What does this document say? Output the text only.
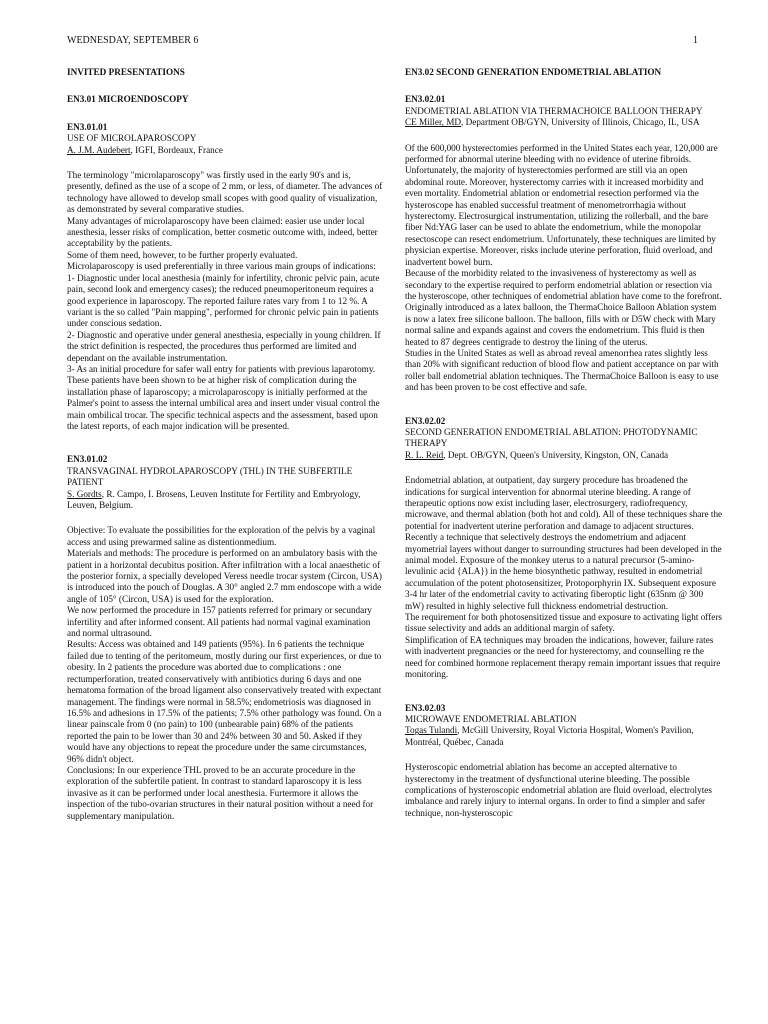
WEDNESDAY, SEPTEMBER 6	1

INVITED PRESENTATIONS

EN3.01 MICROENDOSCOPY

EN3.01.01

USE OF MICROLAPAROSCOPY

A. J.M. Audebert, IGFI, Bordeaux, France

The terminology "microlaparoscopy" was firstly used in the early 90's and is, presently, defined as the use of a scope of 2 mm, or less, of diameter. The advances of technology have allowed to develop small scopes with good quality of visualization, as demonstrated by several comparative studies.

Many advantages of microlaparoscopy have been claimed: easier use under local anesthesia, lesser risks of complication, better cosmetic outcome with, indeed, better acceptability by the patients.

Some of them need, however, to be further properly evaluated.

Microlaparoscopy is used preferentially in three various main groups of indications:

1- Diagnostic under local anesthesia (mainly for infertility, chronic pelvic pain, acute pain, second look and emergency cases); the reduced pneumoperitoneum requires a good experience in laparoscopy. The reported failure rates vary from 1 to 12 %. A variant is the so called "Pain mapping", performed for chronic pelvic pain in patients under conscious sedation.

2- Diagnostic and operative under general anesthesia, especially in young children. If the strict definition is respected, the procedures thus performed are limited and dependant on the available instrumentation.

3- As an initial procedure for safer wall entry for patients with previous laparotomy. These patients have been shown to be at higher risk of complication during the installation phase of laparoscopy; a microlaparoscopy is initially performed at the Palmer's point to assess the internal umbilical area and insert under visual control the main ombilical trocar. The specific technical aspects and the assessment, based upon the latest reports, of each major indication will be presented.

EN3.01.02

TRANSVAGINAL HYDROLAPAROSCOPY (THL) IN THE SUBFERTILE PATIENT

S. Gordts, R. Campo, I. Brosens, Leuven Institute for Fertility and Embryology, Leuven, Belgium.

Objective: To evaluate the possibilities for the exploration of the pelvis by a vaginal access and using prewarmed saline as distentionmedium.

Materials and methods: The procedure is performed on an ambulatory basis with the patient in a horizontal decubitus position. After infiltration with a local anaesthetic of the posterior fornix, a specially developed Veress needle trocar system (Circon, USA) is introduced into the pouch of Douglas. A 30° angled 2.7 mm endoscope with a wide angle of 105° (Circon, USA) is used for the exploration.

We now performed the procedure in 157 patients referred for primary or secundary infertility and after informed consent. All patients had normal vaginal examination and normal ultrasound.

Results: Access was obtained and 149 patients (95%). In 6 patients the technique failed due to tenting of the peritomeum, mostly during our first experiences, or due to obesity. In 2 patients the procedure was aborted due to complications : one rectumperforation, treated conservatively with antibiotics during 6 days and one hematoma formation of the broad ligament also conservatively treated with expectant management. The findings were normal in 58.5%; endometriosis was diagnosed in 16.5% and adhesions in 17.5% of the patients; 7.5% other pathology was found. On a linear painscale from 0 (no pain) to 100 (unbearable pain) 68% of the patients reported the pain to be lower than 30 and 24% between 30 and 50. Asked if they would have any objections to repeat the procedure under the same circumstances, 96% didn't object.

Conclusions: In our experience THL proved to be an accurate procedure in the exploration of the subfertile patient. In contrast to standard laparoscopy it is less invasive as it can be performed under local anesthesia. Furtermore it allows the inspection of the tubo-ovarian structures in their natural position without a need for supplementary manipulation.

EN3.02 SECOND GENERATION ENDOMETRIAL ABLATION

EN3.02.01

ENDOMETRIAL ABLATION VIA THERMACHOICE BALLOON THERAPY

CE Miller, MD, Department OB/GYN, University of Illinois, Chicago, IL, USA

Of the 600,000 hysterectomies performed in the United States each year, 120,000 are performed for abnormal uterine bleeding with no evidence of uterine fibroids. Unfortunately, the majority of hysterectomies performed are still via an open abdominal route. Moreover, hysterectomy carries with it increased morbidity and even mortality. Endometrial ablation or endometrial resection performed via the hysteroscope has enabled successful treatment of menometrorrhagia without hysterectomy. Electrosurgical instrumentation, utilizing the rollerball, and the bare fiber Nd:YAG laser can be used to ablate the endometrium, while the monopolar resectoscope can resect endometrium. Unfortunately, these techniques are limited by physician expertise. Moreover, risks include uterine perforation, fluid overload, and inadvertent bowel burn.

Because of the morbidity related to the invasiveness of hysterectomy as well as secondary to the expertise required to perform endometrial ablation or resection via the hysteroscope, other techniques of endometrial ablation have come to the forefront. Originally introduced as a latex balloon, the ThermaChoice Balloon Ablation system is now a latex free silicone balloon. The balloon, fills with or D5W check with Mary normal saline and expands against and covers the endometrium. This fluid is then heated to 87 degrees centigrade to destroy the lining of the uterus.

Studies in the United States as well as abroad reveal amenorrhea rates slightly less than 20% with significant reduction of blood flow and patient acceptance on par with roller ball endometrial ablation techniques. The ThermaChoice Balloon is easy to use and has been proven to be cost effective and safe.

EN3.02.02

SECOND GENERATION ENDOMETRIAL ABLATION: PHOTODYNAMIC THERAPY

R. L. Reid, Dept. OB/GYN, Queen's University, Kingston, ON, Canada

Endometrial ablation, at outpatient, day surgery procedure has broadened the indications for surgical intervention for abnormal uterine bleeding. A range of therapeutic options now exist including laser, electrosurgery, radiofrequency, microwave, and thermal ablation (both hot and cold). All of these techniques share the potential for inadvertent uterine perforation and damage to adjacent structures. Recently a technique that selectively destroys the endometrium and adjacent myometrial layers without danger to surrounding structures had been developed in the animal model. Exposure of the monkey uterus to a natural precursor (5-amino-levulinic acid {ALA}) in the heme biosynthetic pathway, resulted in endometrial accumulation of the potent photosensitizer, Protoporphyrin IX. Subsequent exposure 3-4 hr later of the endometrial cavity to activating fiberoptic light (635nm @ 300 mW) resulted in highly selective full thickness endometrial destruction.

The requirement for both photosensitized tissue and exposure to activating light offers tissue selectivity and adds an additional margin of safety.

Simplification of EA techniques may broaden the indications, however, failure rates with inadvertent pregnancies or the need for hysterectomy, and counselling re the need for combined hormone replacement therapy remain important issues that require monitoring.

EN3.02.03

MICROWAVE ENDOMETRIAL ABLATION

Togas Tulandi, McGill University, Royal Victoria Hospital, Women's Pavilion, Montréal, Québec, Canada

Hysteroscopic endometrial ablation has become an accepted alternative to hysterectomy in the treatment of dysfunctional uterine bleeding. The possible complications of hysteroscopic endometrial ablation are fluid overload, electrolytes imbalance and rarely injury to internal organs. In order to find a simpler and safer technique, non-hysteroscopic
